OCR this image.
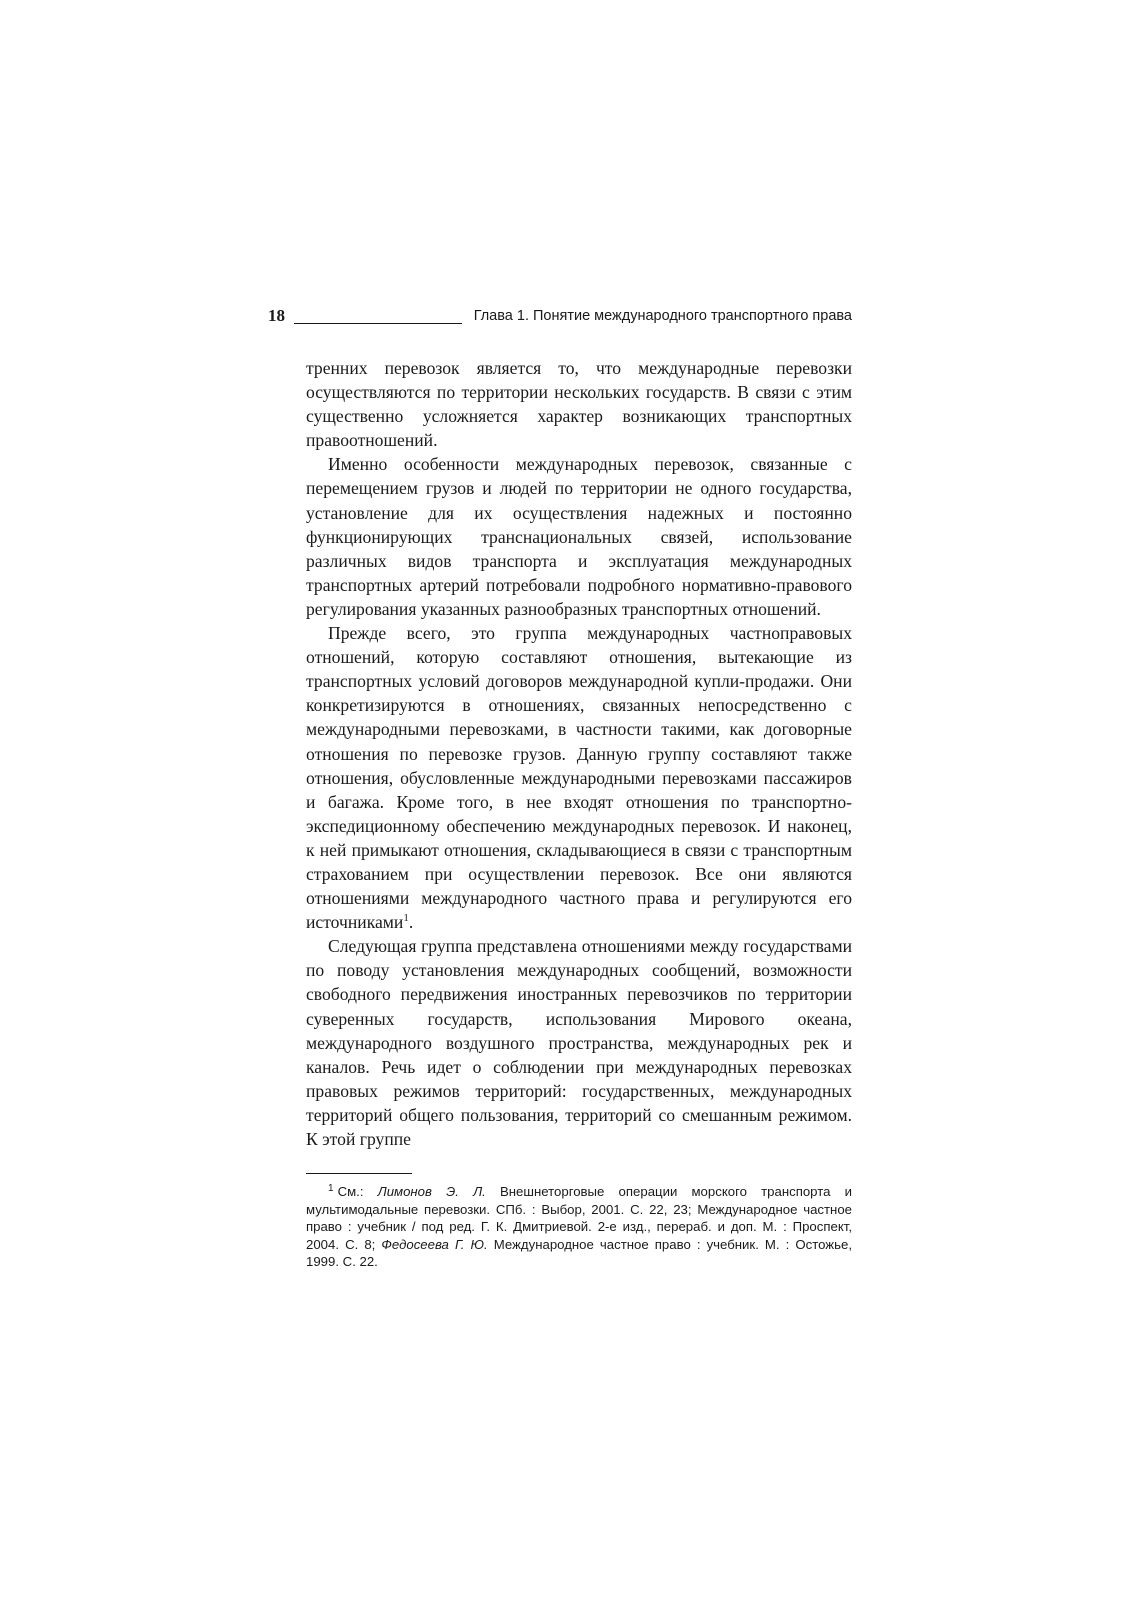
18	Глава 1. Понятие международного транспортного права

тренних перевозок является то, что международные перевозки осуществляются по территории нескольких государств. В связи с этим существенно усложняется характер возникающих транспортных правоотношений.

Именно особенности международных перевозок, связанные с перемещением грузов и людей по территории не одного государства, установление для их осуществления надежных и постоянно функционирующих транснациональных связей, использование различных видов транспорта и эксплуатация международных транспортных артерий потребовали подробного нормативно-правового регулирования указанных разнообразных транспортных отношений.

Прежде всего, это группа международных частноправовых отношений, которую составляют отношения, вытекающие из транспортных условий договоров международной купли-продажи. Они конкретизируются в отношениях, связанных непосредственно с международными перевозками, в частности такими, как договорные отношения по перевозке грузов. Данную группу составляют также отношения, обусловленные международными перевозками пассажиров и багажа. Кроме того, в нее входят отношения по транспортно-экспедиционному обеспечению международных перевозок. И наконец, к ней примыкают отношения, складывающиеся в связи с транспортным страхованием при осуществлении перевозок. Все они являются отношениями международного частного права и регулируются его источниками$^1$.

Следующая группа представлена отношениями между государствами по поводу установления международных сообщений, возможности свободного передвижения иностранных перевозчиков по территории суверенных государств, использования Мирового океана, международного воздушного пространства, международных рек и каналов. Речь идет о соблюдении при международных перевозках правовых режимов территорий: государственных, международных территорий общего пользования, территорий со смешанным режимом. К этой группе

$^1$ См.: Лимонов Э. Л. Внешнеторговые операции морского транспорта и мультимодальные перевозки. СПб. : Выбор, 2001. С. 22, 23; Международное частное право : учебник / под ред. Г. К. Дмитриевой. 2-е изд., перераб. и доп. М. : Проспект, 2004. С. 8; Федосеева Г. Ю. Международное частное право : учебник. М. : Остожье, 1999. С. 22.
